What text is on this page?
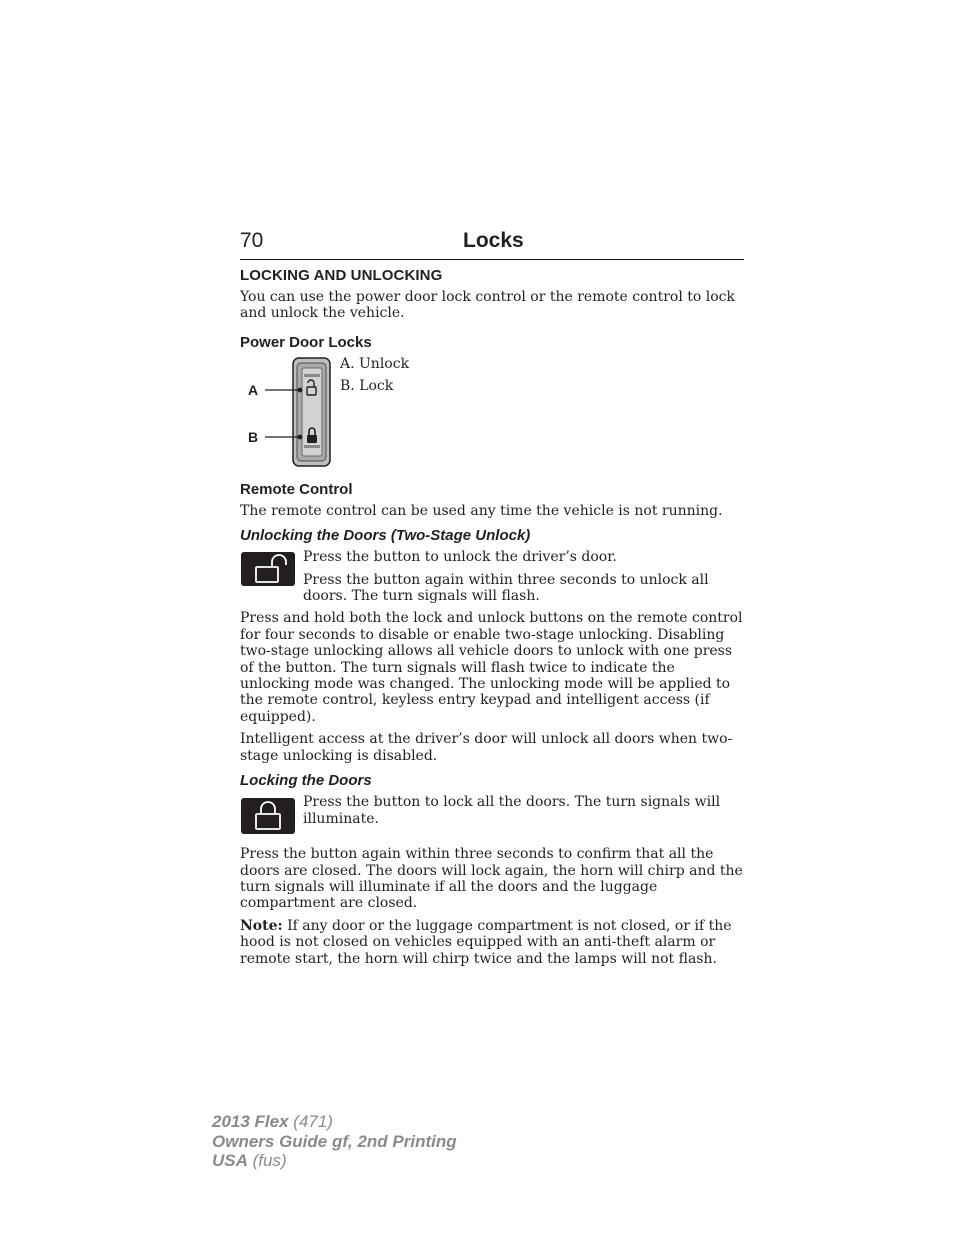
70	Locks
LOCKING AND UNLOCKING

You can use the power door lock control or the remote control to lock and unlock the vehicle.

Power Door Locks
A
B

A. Unlock

B. Lock

Remote Control

The remote control can be used any time the vehicle is not running.

Unlocking the Doors (Two-Stage Unlock)

Press the button to unlock the driver’s door.

Press the button again within three seconds to unlock all doors. The turn signals will flash.

Press and hold both the lock and unlock buttons on the remote control for four seconds to disable or enable two-stage unlocking. Disabling two-stage unlocking allows all vehicle doors to unlock with one press of the button. The turn signals will flash twice to indicate the unlocking mode was changed. The unlocking mode will be applied to the remote control, keyless entry keypad and intelligent access (if equipped).

Intelligent access at the driver’s door will unlock all doors when two-stage unlocking is disabled.

Locking the Doors

Press the button to lock all the doors. The turn signals will illuminate.

Press the button again within three seconds to confirm that all the doors are closed. The doors will lock again, the horn will chirp and the turn signals will illuminate if all the doors and the luggage compartment are closed.

Note: If any door or the luggage compartment is not closed, or if the hood is not closed on vehicles equipped with an anti-theft alarm or remote start, the horn will chirp twice and the lamps will not flash.

2013 Flex (471)
Owners Guide gf, 2nd Printing
USA (fus)
